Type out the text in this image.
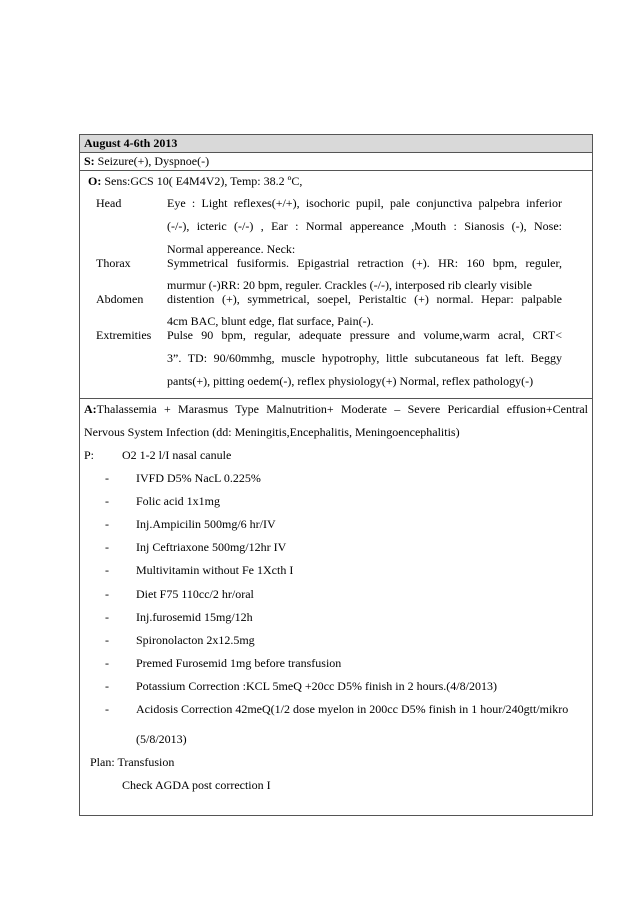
August 4-6th 2013
S: Seizure(+), Dyspnoe(-)
O: Sens:GCS 10( E4M4V2), Temp: 38.2 ºC,
Head	Eye : Light reflexes(+/+), isochoric pupil, pale conjunctiva palpebra inferior
(-/-), icteric (-/-) , Ear : Normal appereance ,Mouth : Sianosis (-), Nose:
Normal appereance. Neck:
Thorax	Symmetrical fusiformis. Epigastrial retraction (+). HR: 160 bpm, reguler,
murmur (-)RR: 20 bpm, reguler. Crackles (-/-), interposed rib clearly visible
Abdomen distention (+), symmetrical, soepel, Peristaltic (+) normal. Hepar: palpable
4cm BAC, blunt edge, flat surface, Pain(-).
Extremities Pulse 90 bpm, regular, adequate pressure and volume,warm acral, CRT<
3”. TD: 90/60mmhg, muscle hypotrophy, little subcutaneous fat left. Beggy
pants(+), pitting oedem(-), reflex physiology(+) Normal, reflex pathology(-)
A:Thalassemia + Marasmus Type Malnutrition+ Moderate – Severe Pericardial effusion+Central
Nervous System Infection (dd: Meningitis,Encephalitis, Meningoencephalitis)
P: O2 1-2 l/I nasal canule
- IVFD D5% NacL 0.225%
- Folic acid 1x1mg
- Inj.Ampicilin 500mg/6 hr/IV
- Inj Ceftriaxone 500mg/12hr IV
- Multivitamin without Fe 1Xcth I
- Diet F75 110cc/2 hr/oral
- Inj.furosemid 15mg/12h
- Spironolacton 2x12.5mg
- Premed Furosemid 1mg before transfusion
- Potassium Correction :KCL 5meQ +20cc D5% finish in 2 hours.(4/8/2013)
- Acidosis Correction 42meQ(1/2 dose myelon in 200cc D5% finish in 1 hour/240gtt/mikro
(5/8/2013)
Plan: Transfusion
Check AGDA post correction I
